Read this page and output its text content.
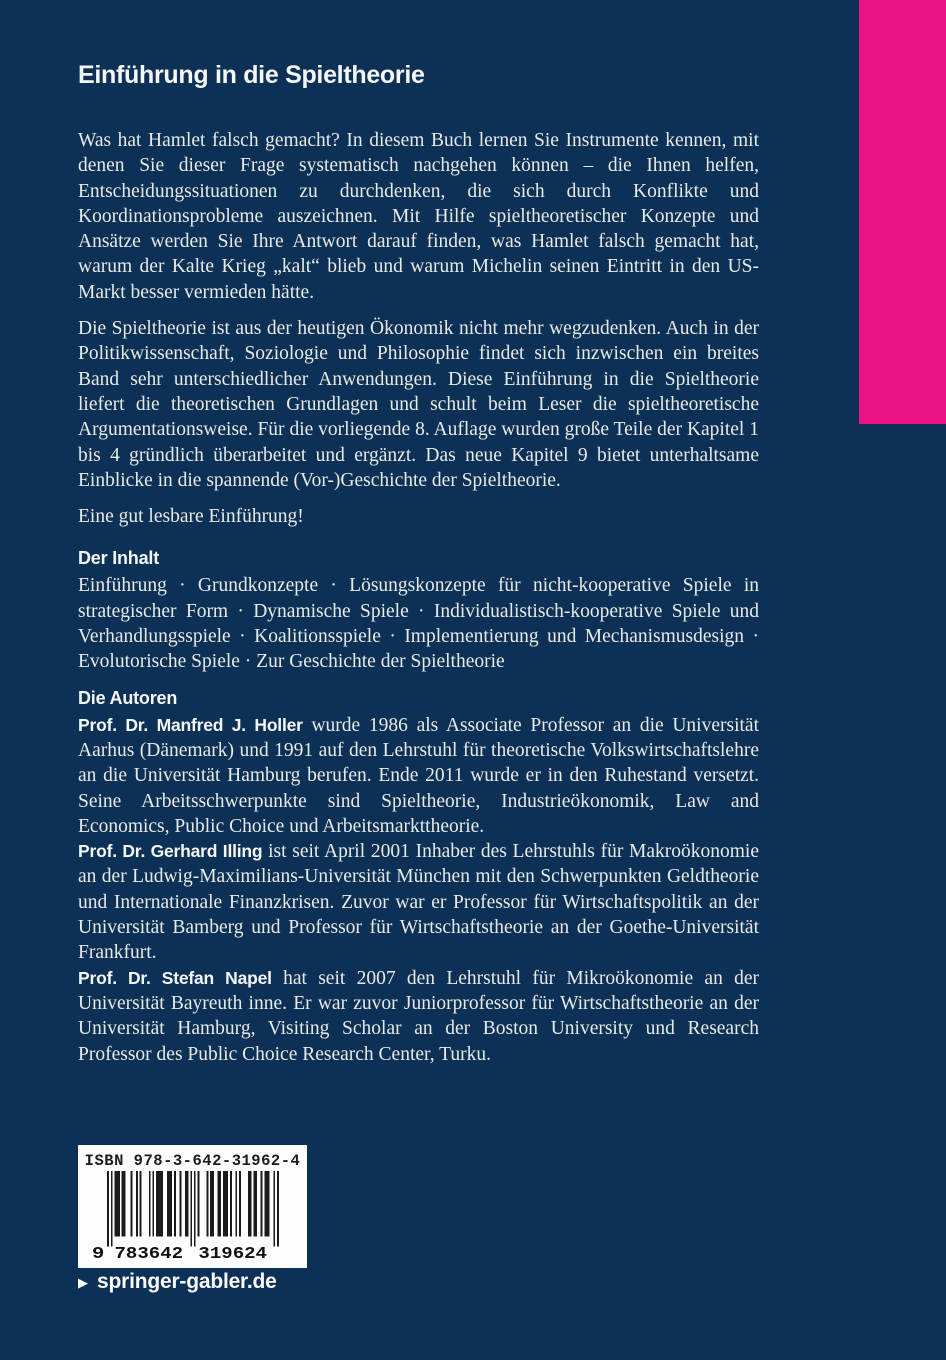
Einführung in die Spieltheorie

Was hat Hamlet falsch gemacht? In diesem Buch lernen Sie Instrumente kennen, mit denen Sie dieser Frage systematisch nachgehen können – die Ihnen helfen, Entscheidungssituationen zu durchdenken, die sich durch Konflikte und Koordinationsprobleme auszeichnen. Mit Hilfe spieltheoretischer Konzepte und Ansätze werden Sie Ihre Antwort darauf finden, was Hamlet falsch gemacht hat, warum der Kalte Krieg „kalt“ blieb und warum Michelin seinen Eintritt in den US-Markt besser vermieden hätte.

Die Spieltheorie ist aus der heutigen Ökonomik nicht mehr wegzudenken. Auch in der Politikwissenschaft, Soziologie und Philosophie findet sich inzwischen ein breites Band sehr unterschiedlicher Anwendungen. Diese Einführung in die Spieltheorie liefert die theoretischen Grundlagen und schult beim Leser die spieltheoretische Argumentationsweise. Für die vorliegende 8. Auflage wurden große Teile der Kapitel 1 bis 4 gründlich überarbeitet und ergänzt. Das neue Kapitel 9 bietet unterhaltsame Einblicke in die spannende (Vor-)Geschichte der Spieltheorie.

Eine gut lesbare Einführung!

Der Inhalt

Einführung · Grundkonzepte · Lösungskonzepte für nicht-kooperative Spiele in strategischer Form · Dynamische Spiele · Individualistisch-kooperative Spiele und Verhandlungsspiele · Koalitionsspiele · Implementierung und Mechanismusdesign · Evolutorische Spiele · Zur Geschichte der Spieltheorie

Die Autoren

Prof. Dr. Manfred J. Holler wurde 1986 als Associate Professor an die Universität Aarhus (Dänemark) und 1991 auf den Lehrstuhl für theoretische Volkswirtschaftslehre an die Universität Hamburg berufen. Ende 2011 wurde er in den Ruhestand versetzt. Seine Arbeitsschwerpunkte sind Spieltheorie, Industrieökonomik, Law and Economics, Public Choice und Arbeitsmarkttheorie.

Prof. Dr. Gerhard Illing ist seit April 2001 Inhaber des Lehrstuhls für Makroökonomie an der Ludwig-Maximilians-Universität München mit den Schwerpunkten Geldtheorie und Internationale Finanzkrisen. Zuvor war er Professor für Wirtschaftspolitik an der Universität Bamberg und Professor für Wirtschaftstheorie an der Goethe-Universität Frankfurt.

Prof. Dr. Stefan Napel hat seit 2007 den Lehrstuhl für Mikroökonomie an der Universität Bayreuth inne. Er war zuvor Juniorprofessor für Wirtschaftstheorie an der Universität Hamburg, Visiting Scholar an der Boston University und Research Professor des Public Choice Research Center, Turku.

ISBN 978-3-642-31962-4

9 783642 319624
▶ springer-gabler.de
